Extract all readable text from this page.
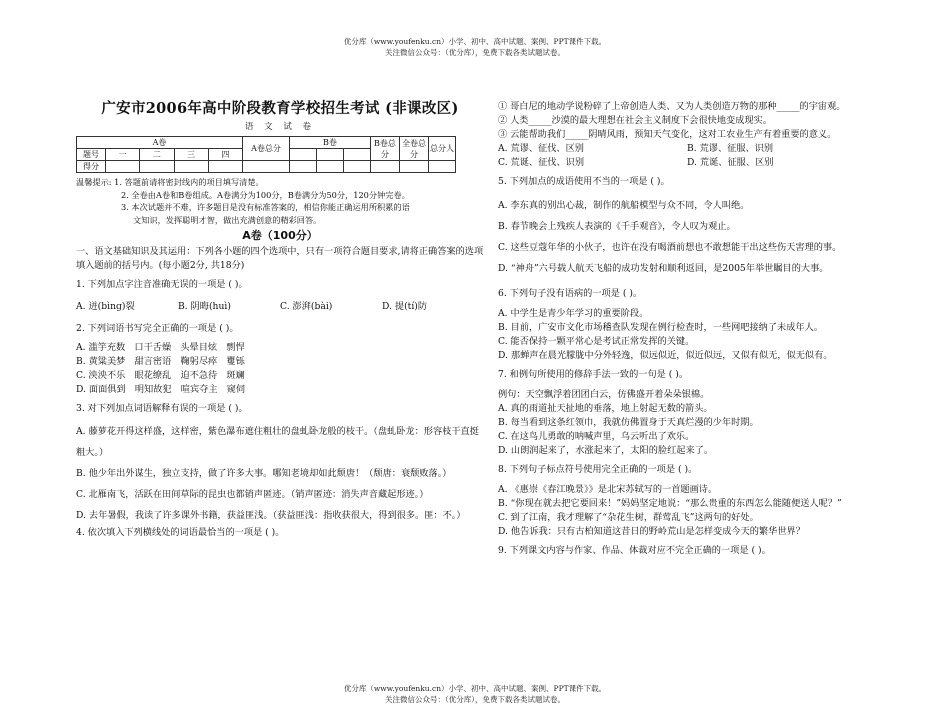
优分库（www.youfenku.cn）小学、初中、高中试题、案例、PPT课件下载。
关注微信公众号：（优分库），免费下载各类试题试卷。
广安市2006年高中阶段教育学校招生考试 (非课改区)
语 文 试 卷
A卷					A卷总分	B卷			B卷总分	全卷总分	总分人
题号	一	二	三	四							
得分											
温馨提示: 1. 答题前请将密封线内的项目填写清楚。
2. 全卷由A卷和B卷组成。A卷满分为100分，B卷满分为50分，120分钟完卷。
3. 本次试题并不难，许多题目是没有标准答案的，相信你能正确运用所积累的语
文知识，发挥聪明才智，做出充满创意的精彩回答。
A卷（100分）
一、语文基础知识及其运用：下列各小题的四个选项中，只有一项符合题目要求,请将正确答案的选项填入题前的括号内。(每小题2分, 共18分)
1. 下列加点字注音准确无误的一项是 ( )。
A. 迸(bìng)裂	B. 阴晦(huì)	C. 澎湃(bài)	D. 提(tí)防
2. 下列词语书写完全正确的一项是 ( )。
A. 滥竽充数　口干舌燥　头晕目炫　剽悍
B. 黄粱美梦　甜言密语　鞠躬尽瘁　矍铄
C. 泱泱不乐　眼花缭乱　迫不急待　斑斓
D. 面面俱到　明知故犯　喧宾夺主　窥伺
3. 对下列加点词语解释有误的一项是 ( )。
A. 藤萝花开得这样盛，这样密，紫色瀑布遮住粗壮的盘虬卧龙般的枝干。（盘虬卧龙：形容枝干直挺粗大。）
B. 他少年出外谋生，独立支持，做了许多大事。哪知老境却如此颓唐！（颓唐：衰颓败落。）
C. 北雁南飞，活跃在田间草际的昆虫也都销声匿迹。（销声匿迹：消失声音藏起形迹。）
D. 去年暑假，我读了许多课外书籍，获益匪浅。（获益匪浅：指收获很大，得到很多。匪：不。）
4. 依次填入下列横线处的词语最恰当的一项是 ( )。
① 哥白尼的地动学说粉碎了上帝创造人类、又为人类创造万物的那种_____的宇宙观。
② 人类_____沙漠的最大理想在社会主义制度下会很快地变成现实。
③ 云能帮助我们_____阴晴风雨，预知天气变化，这对工农业生产有着重要的意义。
A. 荒谬、征伐、区别	B. 荒谬、征服、识别
C. 荒诞、征伐、识别	D. 荒诞、征服、区别
5. 下列加点的成语使用不当的一项是 ( )。
A. 李东真的别出心裁，制作的航船模型与众不同，令人叫绝。
B. 春节晚会上残疾人表演的《千手观音》，令人叹为观止。
C. 这些豆蔻年华的小伙子，也许在没有喝酒前想也不敢想能干出这些伤天害理的事。
D. “神舟”六号载人航天飞船的成功发射和顺利返回，是2005年举世瞩目的大事。
6. 下列句子没有语病的一项是 ( )。
A. 中学生是青少年学习的重要阶段。
B. 目前，广安市文化市场稽查队发现在例行检查时，一些网吧接纳了未成年人。
C. 能否保持一颗平常心是考试正常发挥的关键。
D. 那蝉声在晨光朦胧中分外轻逸，似远似近，似近似远，又似有似无，似无似有。
7. 和例句所使用的修辞手法一致的一句是 ( )。
例句：天空飘浮着团团白云，仿佛盛开着朵朵银棉。
A. 真的雨道扯天扯地的垂落，地上射起无数的箭头。
B. 每当看到这条红领巾，我就仿佛置身于天真烂漫的少年时期。
C. 在这鸟儿勇敢的呐喊声里，乌云听出了欢乐。
D. 山朗润起来了，水涨起来了，太阳的脸红起来了。
8. 下列句子标点符号使用完全正确的一项是 ( )。
A. 《惠崇《春江晚景》》是北宋苏轼写的一首题画诗。
B. “你现在就去把它要回来！”妈妈坚定地说：“那么贵重的东西怎么能随便送人呢？”
C. 到了江南，我才理解了“杂花生树，群莺乱飞”这两句的好处。
D. 他告诉我：只有古柏知道这昔日的野岭荒山是怎样变成今天的繁华世界？
9. 下列课文内容与作家、作品、体裁对应不完全正确的一项是 ( )。
优分库（www.youfenku.cn）小学、初中、高中试题、案例、PPT课件下载。
关注微信公众号：（优分库），免费下载各类试题试卷。
